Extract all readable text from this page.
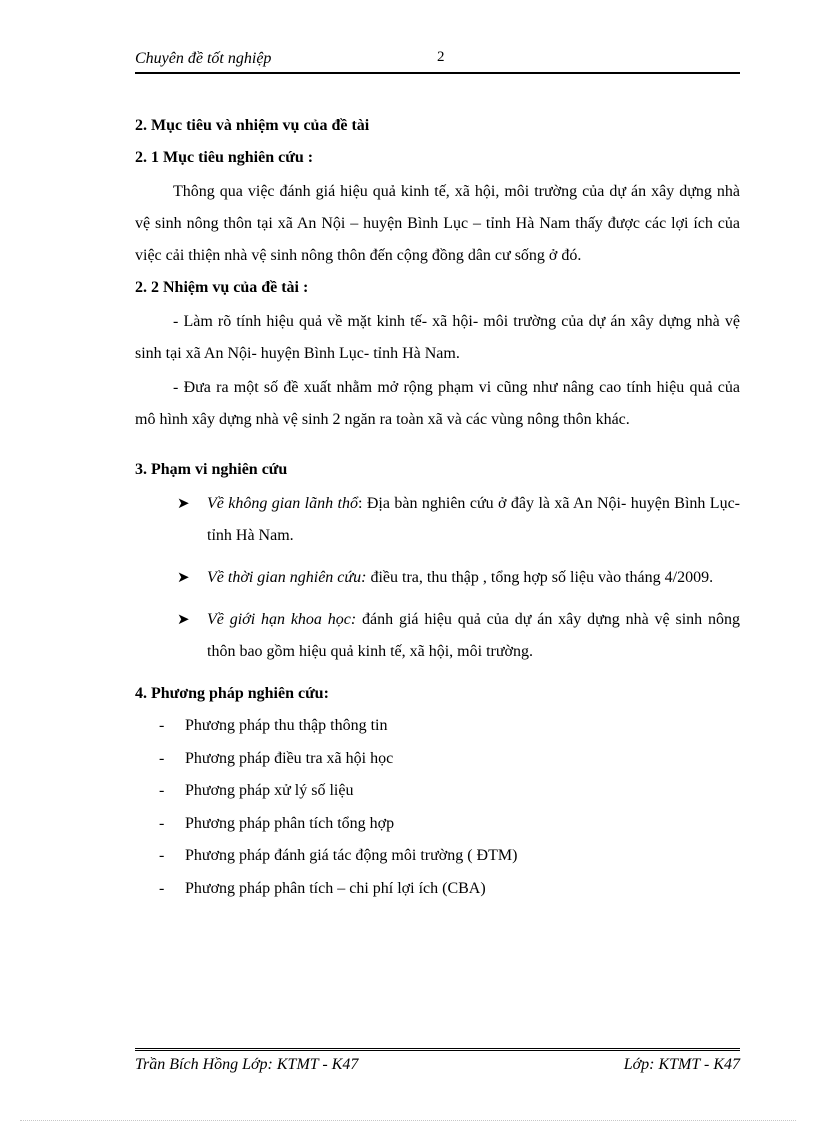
Chuyên đề tốt nghiệp	2

2. Mục tiêu và nhiệm vụ của đề tài

2. 1 Mục tiêu nghiên cứu :

Thông qua việc đánh giá hiệu quả kinh tế, xã hội, môi trường của dự án xây dựng nhà vệ sinh nông thôn tại xã An Nội – huyện Bình Lục – tỉnh Hà Nam thấy được các lợi ích của việc cải thiện nhà vệ sinh nông thôn đến cộng đồng dân cư sống ở đó.

2. 2 Nhiệm vụ của đề tài :

- Làm rõ tính hiệu quả về mặt kinh tế- xã hội- môi trường của dự án xây dựng nhà vệ sinh tại xã An Nội- huyện Bình Lục- tỉnh Hà Nam.

- Đưa ra một số đề xuất nhằm mở rộng phạm vi cũng như nâng cao tính hiệu quả của mô hình xây dựng nhà vệ sinh 2 ngăn ra toàn xã và các vùng nông thôn khác.

3. Phạm vi nghiên cứu

➤ Về không gian lãnh thổ: Địa bàn nghiên cứu ở đây là xã An Nội- huyện Bình Lục- tỉnh Hà Nam.
➤ Về thời gian nghiên cứu: điều tra, thu thập , tổng hợp số liệu vào tháng 4/2009.
➤ Về giới hạn khoa học: đánh giá hiệu quả của dự án xây dựng nhà vệ sinh nông thôn bao gồm hiệu quả kinh tế, xã hội, môi trường.

4. Phương pháp nghiên cứu:

- Phương pháp thu thập thông tin
- Phương pháp điều tra xã hội học
- Phương pháp xử lý số liệu
- Phương pháp phân tích tổng hợp
- Phương pháp đánh giá tác động môi trường ( ĐTM)
- Phương pháp phân tích – chi phí lợi ích (CBA)
Trần Bích Hồng Lớp: KTMT - K47	Lớp: KTMT - K47
